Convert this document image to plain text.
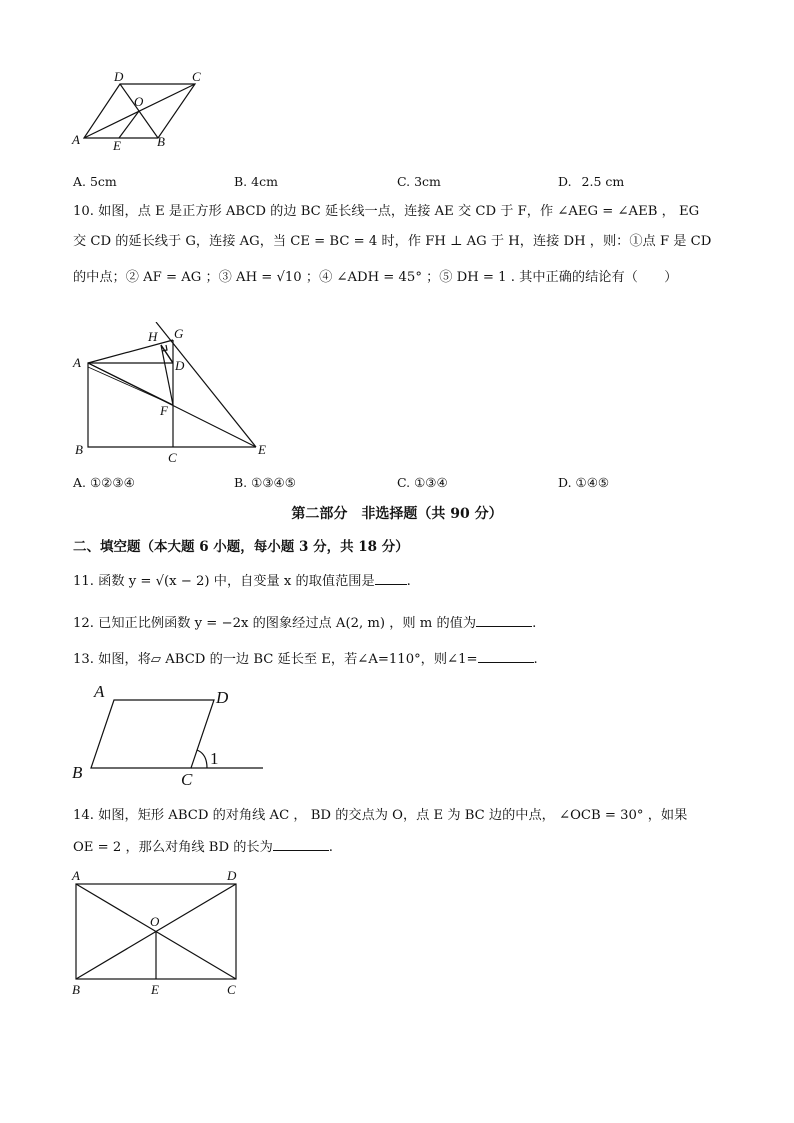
D	C
O
A	E	B
A. 5cm	B. 4cm	C. 3cm	D. 2.5 cm
10. 如图，点 E 是正方形 ABCD 的边 BC 延长线一点，连接 AE 交 CD 于 F，作 ∠AEG = ∠AEB ， EG
交 CD 的延长线于 G，连接 AG，当 CE = BC = 4 时，作 FH ⊥ AG 于 H，连接 DH ，则：①点 F 是 CD
的中点；② AF = AG ；③ AH = √10 ；④ ∠ADH = 45° ；⑤ DH = 1 . 其中正确的结论有（　　）
H G
A	D
F
B
C
E
A. ①②③④	B. ①③④⑤	C. ①③④	D. ①④⑤
第二部分　非选择题（共 90 分）
二、填空题（本大题 6 小题，每小题 3 分，共 18 分）
11. 函数 y = √(x − 2) 中，自变量 x 的取值范围是 .
12. 已知正比例函数 y = −2x 的图象经过点 A(2, m) ，则 m 的值为	.
13. 如图，将▱ ABCD 的一边 BC 延长至 E，若∠A=110°，则∠1=	.
A	D
B	C
1
14. 如图，矩形 ABCD 的对角线 AC ， BD 的交点为 O，点 E 为 BC 边的中点， ∠OCB = 30° ，如果
OE = 2 ，那么对角线 BD 的长为	.
A	D
O
B	E	C
